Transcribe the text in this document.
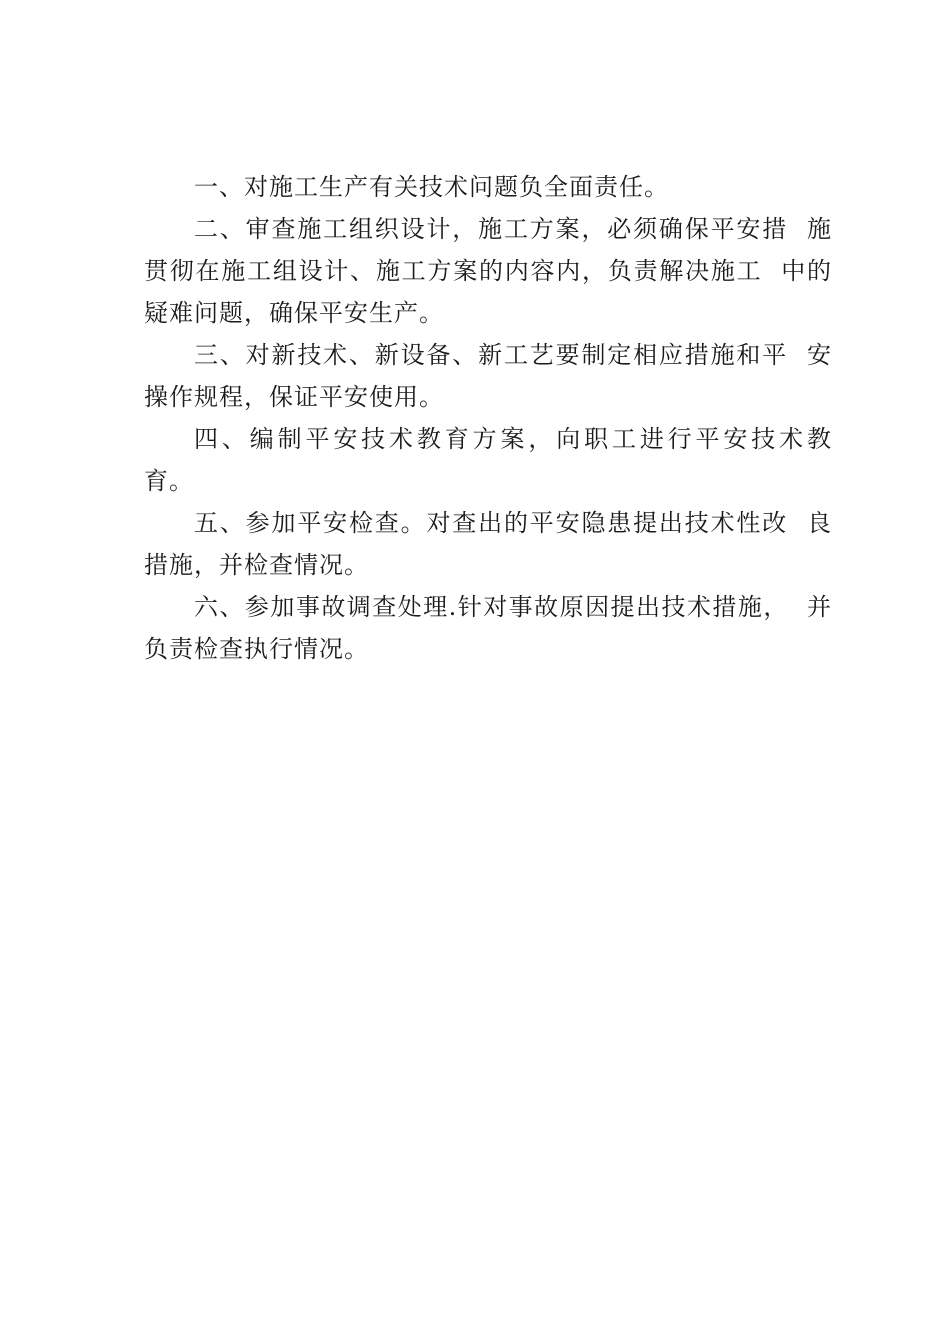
一、对施工生产有关技术问题负全面责任。

二、审查施工组织设计，施工方案，必须确保平安措  施贯彻在施工组设计、施工方案的内容内，负责解决施工  中的疑难问题，确保平安生产。

三、对新技术、新设备、新工艺要制定相应措施和平  安操作规程，保证平安使用。

四、编制平安技术教育方案，向职工进行平安技术教  育。

五、参加平安检查。对查出的平安隐患提出技术性改  良措施，并检查情况。

六、参加事故调查处理.针对事故原因提出技术措施，  并负责检查执行情况。
